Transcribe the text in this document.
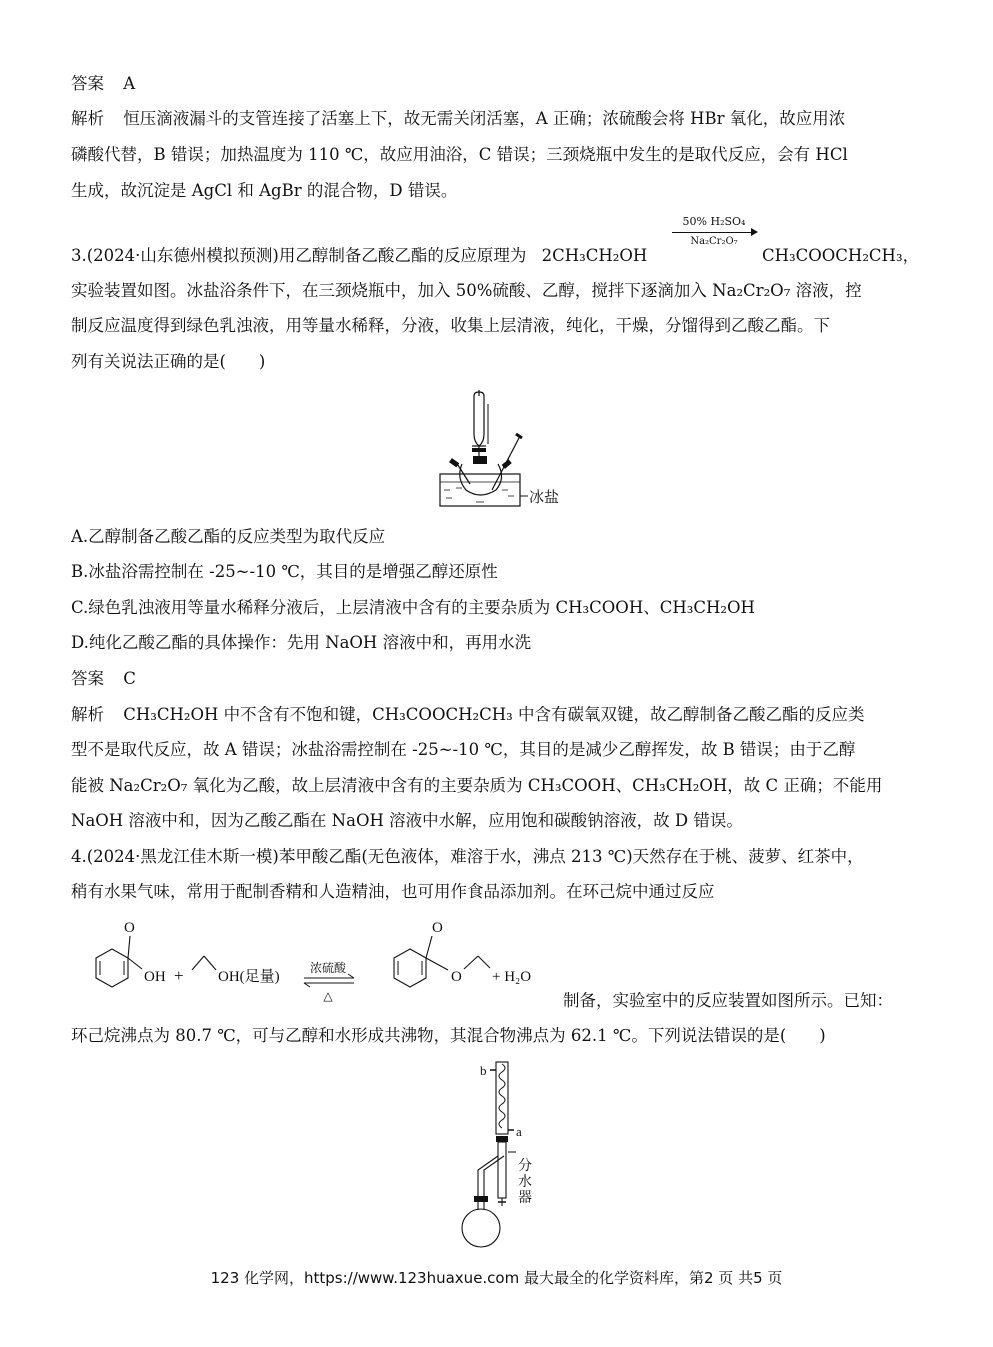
答案 A
解析 恒压滴液漏斗的支管连接了活塞上下，故无需关闭活塞，A 正确；浓硫酸会将 HBr 氧化，故应用浓
磷酸代替，B 错误；加热温度为 110 ℃，故应用油浴，C 错误；三颈烧瓶中发生的是取代反应，会有 HCl
生成，故沉淀是 AgCl 和 AgBr 的混合物，D 错误。
3.(2024·山东德州模拟预测)用乙醇制备乙酸乙酯的反应原理为 2CH₃CH₂OH
50% H₂SO₄
Na₂Cr₂O₇
CH₃COOCH₂CH₃，
实验装置如图。冰盐浴条件下，在三颈烧瓶中，加入 50%硫酸、乙醇，搅拌下逐滴加入 Na₂Cr₂O₇ 溶液，控
制反应温度得到绿色乳浊液，用等量水稀释，分液，收集上层清液，纯化，干燥，分馏得到乙酸乙酯。下
列有关说法正确的是(　　)
冰盐
A.乙醇制备乙酸乙酯的反应类型为取代反应
B.冰盐浴需控制在 -25~-10 ℃，其目的是增强乙醇还原性
C.绿色乳浊液用等量水稀释分液后，上层清液中含有的主要杂质为 CH₃COOH、CH₃CH₂OH
D.纯化乙酸乙酯的具体操作：先用 NaOH 溶液中和，再用水洗
答案 C
解析 CH₃CH₂OH 中不含有不饱和键，CH₃COOCH₂CH₃ 中含有碳氧双键，故乙醇制备乙酸乙酯的反应类
型不是取代反应，故 A 错误；冰盐浴需控制在 -25~-10 ℃，其目的是减少乙醇挥发，故 B 错误；由于乙醇
能被 Na₂Cr₂O₇ 氧化为乙酸，故上层清液中含有的主要杂质为 CH₃COOH、CH₃CH₂OH，故 C 正确；不能用
NaOH 溶液中和，因为乙酸乙酯在 NaOH 溶液中水解，应用饱和碳酸钠溶液，故 D 错误。
4.(2024·黑龙江佳木斯一模)苯甲酸乙酯(无色液体，难溶于水，沸点 213 ℃)天然存在于桃、菠萝、红茶中，
稍有水果气味，常用于配制香精和人造精油，也可用作食品添加剂。在环己烷中通过反应
O
OH + OH(足量)
浓硫酸
△
O
O + H₂O
制备，实验室中的反应装置如图所示。已知：
环己烷沸点为 80.7 ℃，可与乙醇和水形成共沸物，其混合物沸点为 62.1 ℃。下列说法错误的是(　　)
b
a
分
水
器
123 化学网，https://www.123huaxue.com 最大最全的化学资料库，第2 页 共5 页
